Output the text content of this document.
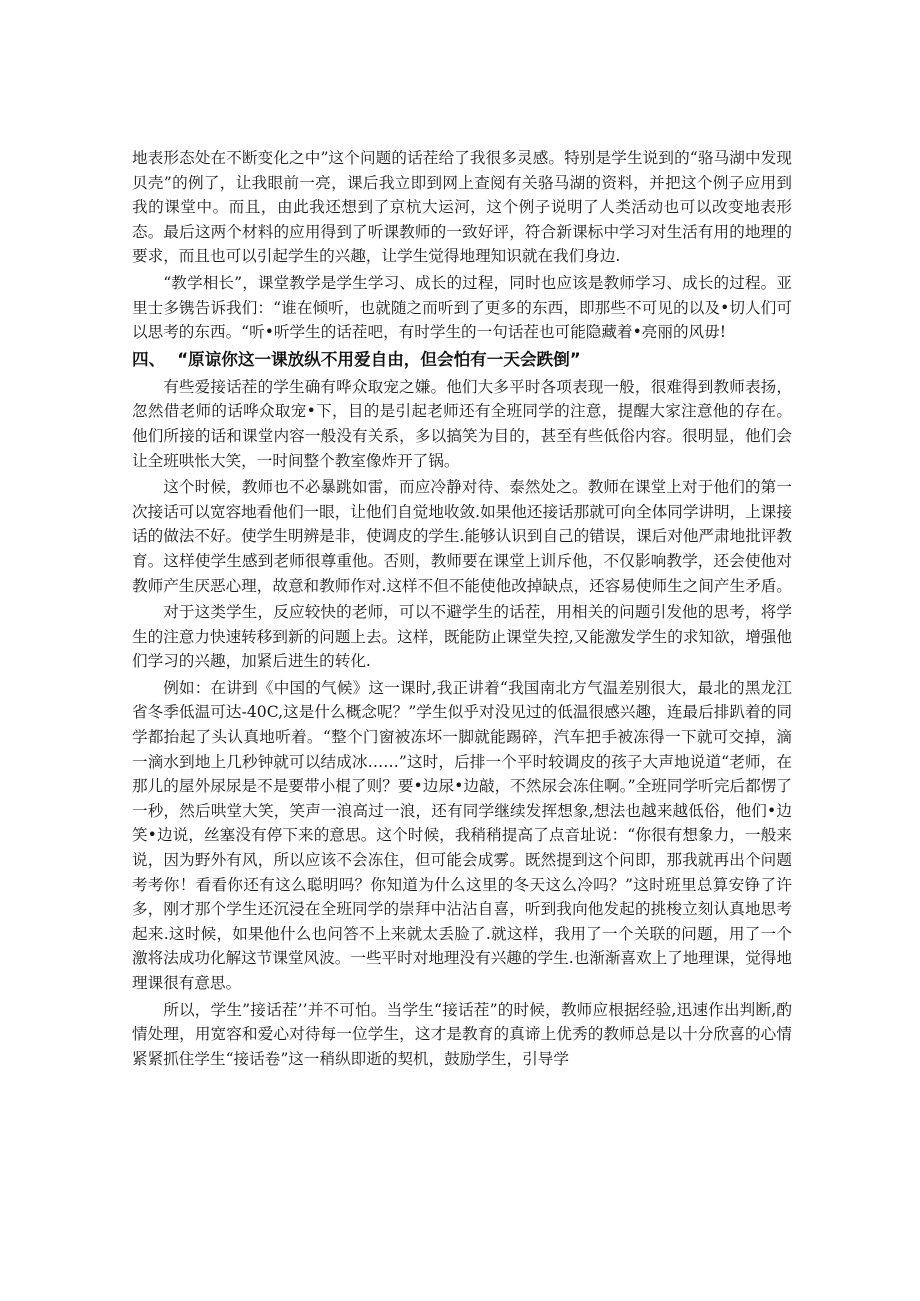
地表形态处在不断变化之中”这个问题的话茬给了我很多灵感。特别是学生说到的“骆马湖中发现贝壳”的例了，让我眼前一亮，课后我立即到网上查阅有关骆马湖的资料，并把这个例子应用到我的课堂中。而且，由此我还想到了京杭大运河，这个例子说明了人类活动也可以改变地表形态。最后这两个材料的应用得到了听课教师的一致好评，符合新课标中学习对生活有用的地理的要求，而且也可以引起学生的兴趣，让学生觉得地理知识就在我们身边.

“教学相长”，课堂教学是学生学习、成长的过程，同时也应该是教师学习、成长的过程。亚里士多镌告诉我们：“谁在倾听，也就随之而听到了更多的东西，即那些不可见的以及•切人们可以思考的东西。“听•听学生的话茬吧，有时学生的一句话茬也可能隐藏着•亮丽的风毋!

四、 “原谅你这一课放纵不用爱自由，但会怕有一天会跌倒”

有些爱接话茬的学生确有哗众取宠之嫌。他们大多平时各项表现一般，很难得到教师表扬，忽然借老师的话哗众取宠•下，目的是引起老师还有全班同学的注意，提醒大家注意他的存在。他们所接的话和课堂内容一般没有关系，多以搞笑为目的，甚至有些低俗内容。很明显，他们会让全班哄怅大笑，一时间整个教室像炸开了锅。

这个时候，教师也不必暴跳如雷，而应冷静对待、泰然处之。教师在课堂上对于他们的第一次接话可以宽容地看他们一眼，让他们自觉地收敛.如果他还接话那就可向全体同学讲明，上课接话的做法不好。使学生明辨是非，使调皮的学生.能够认识到自己的错误，课后对他严肃地批评教育。这样使学生感到老师很尊重他。否则，教师要在课堂上训斥他，不仅影响教学，还会使他对教师产生厌恶心理，故意和教师作对.这样不但不能使他改掉缺点，还容易使师生之间产生矛盾。

对于这类学生，反应较快的老师，可以不避学生的话茬，用相关的问题引发他的思考，将学生的注意力快速转移到新的问题上去。这样，既能防止课堂失控,又能激发学生的求知欲，增强他们学习的兴趣，加紧后进生的转化.

例如：在讲到《中国的气候》这一课时,我正讲着“我国南北方气温差别很大，最北的黑龙江省冬季低温可达-40C,这是什么概念呢？”学生似乎对没见过的低温很感兴趣，连最后排趴着的同学都抬起了头认真地听着。“整个门窗被冻坏一脚就能踢碎，汽车把手被冻得一下就可交掉，滴一滴水到地上几秒钟就可以结成冰……”这时，后排一个平时较调皮的孩子大声地说道“老师，在那儿的屋外尿尿是不是要带小棍了则？要•边尿•边敲，不然尿会冻住啊。”全班同学听完后都愣了一秒，然后哄堂大笑，笑声一浪高过一浪，还有同学继续发挥想象,想法也越来越低俗，他们•边笑•边说，丝塞没有停下来的意思。这个时候，我稍稍提高了点音址说：“你很有想象力，一般来说，因为野外有风，所以应该不会冻住，但可能会成雾。既然提到这个问即，那我就再出个问题考考你！看看你还有这么聪明吗？你知道为什么这里的冬天这么冷吗？”这时班里总算安铮了许多，刚才那个学生还沉浸在全班同学的崇拜中沾沾自喜，听到我向他发起的挑梭立刻认真地思考起来.这时候，如果他什么也问答不上来就太丢脸了.就这样，我用了一个关联的问题，用了一个激将法成功化解这节课堂风波。一些平时对地理没有兴趣的学生.也渐渐喜欢上了地理课，觉得地理课很有意思。

所以，学生”接话茬’’并不可怕。当学生“接话茬”的时候，教师应根据经验,迅速作出判断,酌情处理，用宽容和爱心对待每一位学生，这才是教育的真谛上优秀的教师总是以十分欣喜的心情紧紧抓住学生“接话卷”这一稍纵即逝的契机，鼓励学生，引导学
